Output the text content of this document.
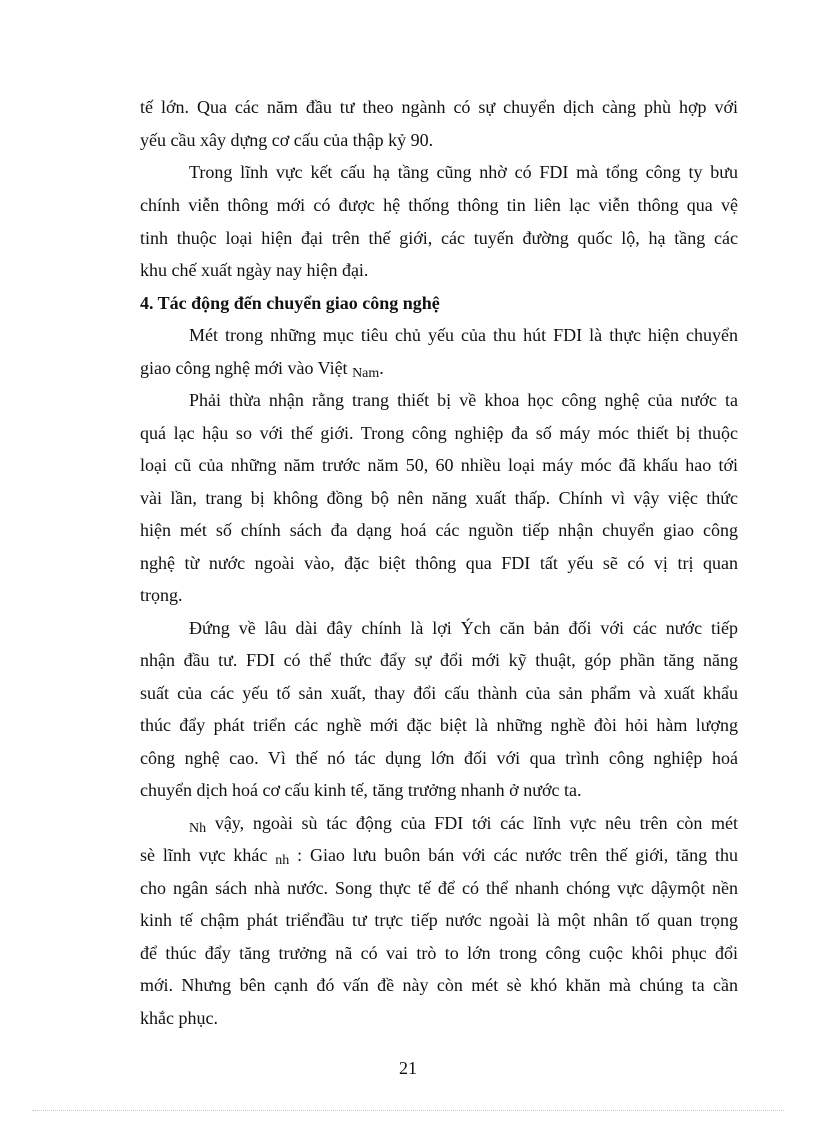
tế lớn. Qua các năm đầu tư theo ngành có sự chuyển dịch càng phù hợp với
yếu cầu xây dựng cơ cấu của thập kỷ 90.
Trong lĩnh vực kết cấu hạ tầng cũng nhờ có FDI mà tổng công ty bưu
chính viễn thông mới có được hệ thống thông tin liên lạc viễn thông qua vệ
tinh thuộc loại hiện đại trên thế giới, các tuyến đường quốc lộ, hạ tầng các
khu chế xuất ngày nay hiện đại.
4. Tác động đến chuyển giao công nghệ
Mét trong những mục tiêu chủ yếu của thu hút FDI là thực hiện chuyển
giao công nghệ mới vào Việt Nam.
Phải thừa nhận rằng trang thiết bị về khoa học công nghệ của nước ta
quá lạc hậu so với thế giới. Trong công nghiệp đa số máy móc thiết bị thuộc
loại cũ của những năm trước năm 50, 60 nhiều loại máy móc đã khấu hao tới
vài lần, trang bị không đồng bộ nên năng xuất thấp. Chính vì vậy việc thức
hiện mét số chính sách đa dạng hoá các nguồn tiếp nhận chuyển giao công
nghệ từ nước ngoài vào, đặc biệt thông qua FDI tất yếu sẽ có vị trị quan
trọng.
Đứng về lâu dài đây chính là lợi Ých căn bản đối với các nước tiếp
nhận đầu tư. FDI có thể thức đẩy sự đổi mới kỹ thuật, góp phần tăng năng
suất của các yếu tố sản xuất, thay đổi cấu thành của sản phẩm và xuất khẩu
thúc đẩy phát triển các nghề mới đặc biệt là những nghề đòi hỏi hàm lượng
công nghệ cao. Vì thế nó tác dụng lớn đối với qua trình công nghiệp hoá
chuyển dịch hoá cơ cấu kinh tế, tăng trưởng nhanh ở nước ta.
Nh vậy, ngoài sù tác động của FDI tới các lĩnh vực nêu trên còn mét
sè lĩnh vực khác nh : Giao lưu buôn bán với các nước trên thế giới, tăng thu
cho ngân sách nhà nước. Song thực tế để có thể nhanh chóng vực dậymột nền
kinh tế chậm phát triểnđầu tư trực tiếp nước ngoài là một nhân tố quan trọng
để thúc đẩy tăng trưởng nã có vai trò to lớn trong công cuộc khôi phục đổi
mới. Nhưng bên cạnh đó vấn đề này còn mét sè khó khăn mà chúng ta cần
khắc phục.
21
